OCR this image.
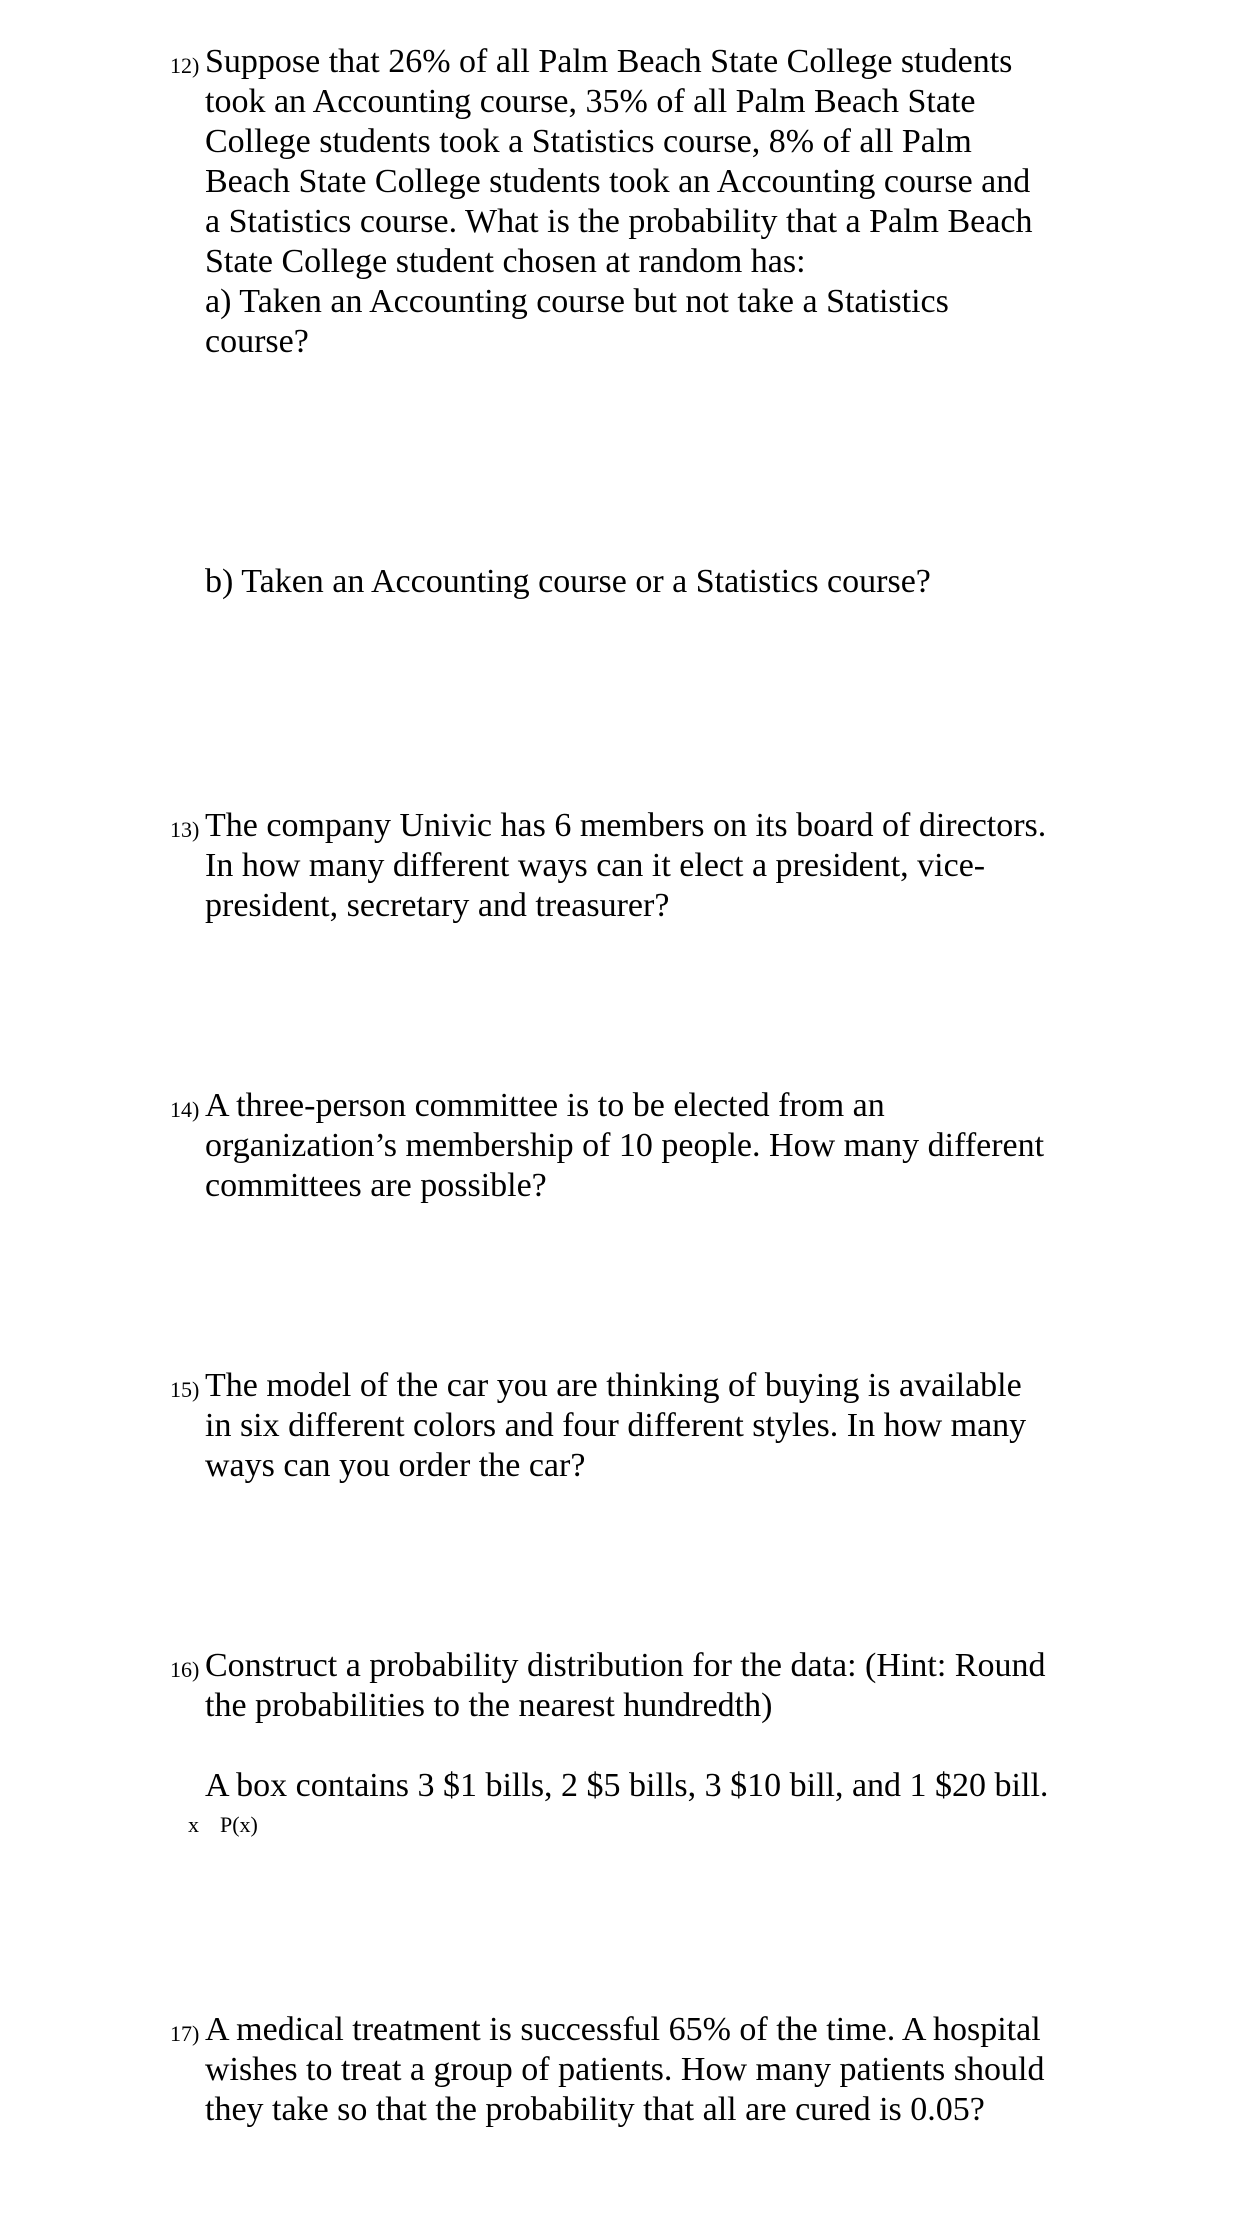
12) Suppose that 26% of all Palm Beach State College students
took an Accounting course, 35% of all Palm Beach State
College students took a Statistics course, 8% of all Palm
Beach State College students took an Accounting course and
a Statistics course. What is the probability that a Palm Beach
State College student chosen at random has:
a) Taken an Accounting course but not take a Statistics
course?
b) Taken an Accounting course or a Statistics course?
13) The company Univic has 6 members on its board of directors.
In how many different ways can it elect a president, vice-
president, secretary and treasurer?
14) A three-person committee is to be elected from an
organization’s membership of 10 people. How many different
committees are possible?
15) The model of the car you are thinking of buying is available
in six different colors and four different styles. In how many
ways can you order the car?
16) Construct a probability distribution for the data: (Hint: Round
the probabilities to the nearest hundredth)
A box contains 3 $1 bills, 2 $5 bills, 3 $10 bill, and 1 $20 bill.
x P(x)
17) A medical treatment is successful 65% of the time. A hospital
wishes to treat a group of patients. How many patients should
they take so that the probability that all are cured is 0.05?
